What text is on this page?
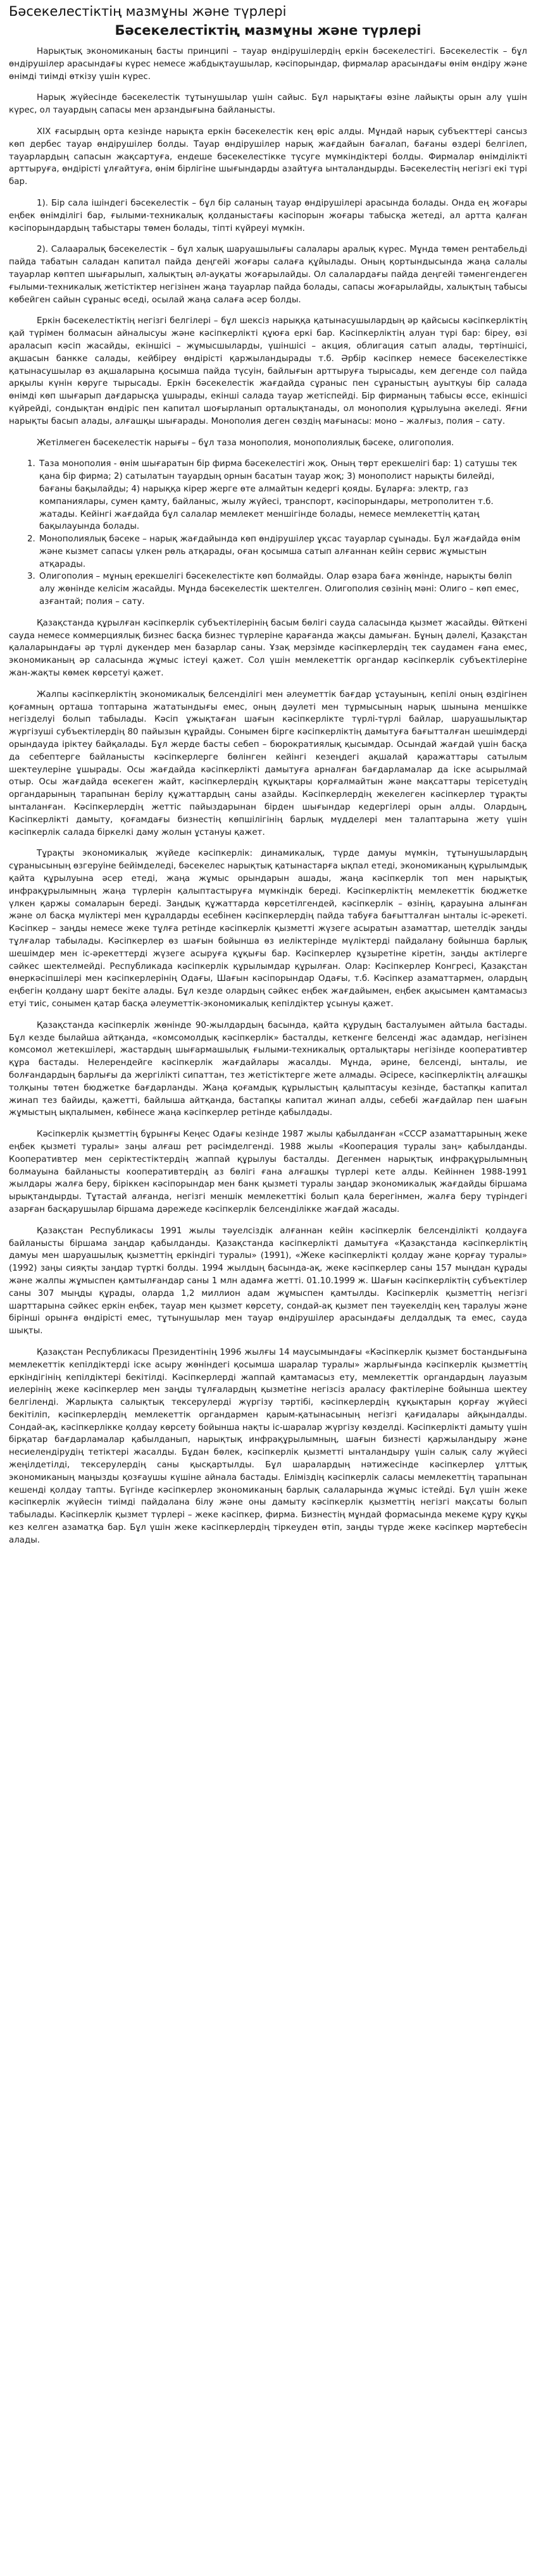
Бәсекелестіктің мазмұны және түрлері
Бәсекелестіктің мазмұны және түрлері

Нарықтық экономиканың басты принципі – тауар өндірушілердің еркін бәсекелестігі. Бәсекелестік – бұл өндірушілер арасындағы күрес немесе жабдықтаушылар, кәсіпорындар, фирмалар арасындағы өнім өндіру және өнімді тиімді өткізу үшін күрес.

Нарық жүйесінде бәсекелестік тұтынушылар үшін сайыс. Бұл нарықтағы өзіне лайықты орын алу үшін күрес, ол тауардың сапасы мен арзандығына байланысты.

XIX ғасырдың орта кезінде нарықта еркін бәсекелестік кең өріс алды. Мұндай нарық субъекттері сансыз көп дербес тауар өндірушілер болды. Тауар өндірушілер нарық жағдайын бағалап, бағаны өздері белгілеп, тауарлардың сапасын жақсартуға, ендеше бәсекелестікке түсуге мүмкіндіктері болды. Фирмалар өнімділікті арттыруға, өндірісті ұлғайтуға, өнім бірлігіне шығындарды азайтуға ынталандырды. Бәсекелестің негізгі екі түрі бар.

1). Бір сала ішіндегі бәсекелестік – бұл бір саланың тауар өндірушілері арасында болады. Онда ең жоғары еңбек өнімділігі бар, ғылыми-техникалық қолданыстағы кәсіпорын жоғары табысқа жетеді, ал артта қалған кәсіпорындардың табыстары төмен болады, тіпті күйреуі мүмкін.

2). Салааралық бәсекелестік – бұл халық шаруашылығы салалары аралық күрес. Мұнда төмен рентабельді пайда табатын саладан капитал пайда деңгейі жоғары салаға құйылады. Оның қортындысында жаңа салалы тауарлар көптеп шығарылып, халықтың әл-ауқаты жоғарылайды. Ол салалардағы пайда деңгейі тәменгендеген ғылыми-техникалық жетістіктер негізінен жаңа тауарлар пайда болады, сапасы жоғарылайды, халықтың табысы көбейген сайын сұраныс өседі, осылай жаңа салаға әсер болды.

Еркін бәсекелестіктің негізгі белгілері – бұл шексіз нарыққа қатынасушылардың әр қайсысы кәсіпкерліктің қай түрімен болмасын айналысуы және кәсіпкерлікті құюға еркі бар. Кәсіпкерліктің алуан түрі бар: біреу, өзі араласып кәсіп жасайды, екіншісі – жұмысшыларды, үшіншісі – акция, облигация сатып алады, төртіншісі, ақшасын банкке салады, кейбіреу өндірісті қаржыландырады т.б. Әрбір кәсіпкер немесе бәсекелестікке қатынасушылар өз ақшаларына қосымша пайда түсуін, байлығын арттыруға тырысады, кем дегенде сол пайда арқылы күнін көруге тырысады. Еркін бәсекелестік жағдайда сұраныс пен сұраныстың ауытқуы бір салада өнімді көп шығарып дағдарысқа ұшырады, екінші салада тауар жетіспейді. Бір фирманың табысы өссе, екіншісі күйрейді, сондықтан өндіріс пен капитал шоғырланып орталықтанады, ол монополия құрылуына әкеледі. Яғни нарықты басып алады, алғашқы шығарады. Монополия деген сөздің мағынасы: моно – жалғыз, полия – сату.

Жетілмеген бәсекелестік нарығы – бұл таза монополия, монополиялық бәсеке, олигополия.

1. Таза монополия - өнім шығаратын бір фирма бәсекелестігі жоқ. Оның төрт ерекшелігі бар: 1) сатушы тек қана бір фирма; 2) сатылатын тауардың орнын басатын тауар жоқ; 3) монополист нарықты билейді, бағаны бақылайды; 4) нарыққа кірер жерге өте алмайтын кедергі қояды. Бұларға: электр, газ компаниялары, сумен қамту, байланыс, жылу жүйесі, транспорт, кәсіпорындары, метрополитен т.б. жатады. Кейінгі жағдайда бұл салалар мемлекет меншігінде болады, немесе мемлекеттің қатаң бақылауында болады.
2. Монополиялық бәсеке – нарық жағдайында көп өндірушілер ұқсас тауарлар сұынады. Бұл жағдайда өнім және кызмет сапасы үлкен рөль атқарады, оған қосымша сатып алғаннан кейін сервис жұмыстын атқарады.
3. Олигополия – мұның ерекшелігі бәсекелестікте көп болмайды. Олар өзара баға жөнінде, нарықты бөліп алу жөнінде келісім жасайды. Мұнда бәсекелестік шектелген. Олигополия сөзінің мәні: Олиго – көп емес, азғантай; полия – сату.

Қазақстанда құрылған кәсіпкерлік субъектілерінің басым бөлігі сауда саласында қызмет жасайды. Өйткені сауда немесе коммерциялық бизнес басқа бизнес түрлеріне қарағанда жақсы дамыған. Бұның дәлелі, Қазақстан қалаларындағы әр түрлі дүкендер мен базарлар саны. Ұзақ мерзімде кәсіпкерлердің тек саудамен ғана емес, экономиканың әр саласында жұмыс істеуі қажет. Сол үшін мемлекеттік органдар кәсіпкерлік субъектілеріне жан-жақты көмек көрсетуі қажет.

Жалпы кәсіпкерліктің экономикалық белсенділігі мен әлеуметтік бағдар ұстауының, кепілі оның өздігінен қоғамның орташа топтарына жататындығы емес, оның дәулеті мен тұрмысының нарық шынына меншікке негізделуі болып табылады. Кәсіп ұжықтаған шағын кәсіпкерлікте түрлі-түрлі байлар, шаруашылықтар жүргізуші субъектілердің 80 пайызын құрайды. Сонымен бірге кәсіпкерліктің дамытуға бағытталған шешімдерді орындауда іріктеу байқалады. Бұл жерде басты себеп – бюрократиялық қысымдар. Осындай жағдай үшін басқа да себептерге байланысты кәсіпкерлерге бөлінген кейінгі кезеңдегі ақшалай қаражаттары сатылым шектеулеріне ұшырады. Осы жағдайда кәсіпкерлікті дамытуға арналған бағдарламалар да іске асырылмай отыр. Осы жағдайда өсекеген жайт, кәсіпкерлердің құқықтары қорғалмайтын және мақсаттары терісетудің органдарының тарапынан берілу құжаттардың саны азайды. Кәсіпкерлердің жекелеген кәсіпкерлер тұрақты ынталанған. Кәсіпкерлердің жеттіс пайыздарынан бірден шығындар кедергілері орын алды. Олардың, Кәсіпкерлікті дамыту, қоғамдағы бизнестің көпшілігінің барлық мүдделері мен талаптарына жету үшін кәсіпкерлік салада біркелкі даму жолын ұстануы қажет.

Тұрақты экономикалық жүйеде кәсіпкерлік: динамикалық, түрде дамуы мүмкін, тұтынушылардың сұранысының өзгеруіне бейімделеді, бәсекелес нарықтық қатынастарға ықпал етеді, экономиканың құрылымдық қайта құрылуына әсер етеді, жаңа жұмыс орындарын ашады, жаңа кәсіпкерлік топ мен нарықтық инфрақұрылымның жаңа түрлерін қалыптастыруға мүмкіндік береді. Кәсіпкерліктің мемлекеттік бюджетке үлкен қаржы сомаларын береді. Заңдық құжаттарда көрсетілгендей, кәсіпкерлік – өзінің, қарауына алынған және ол басқа мүліктері мен құралдарды есебінен кәсіпкерлердің пайда табуға бағытталған ынталы іс-әрекеті. Кәсіпкер – заңды немесе жеке тұлға ретінде кәсіпкерлік қызметті жүзеге асыратын азаматтар, шетелдік заңды тұлғалар табылады. Кәсіпкерлер өз шағын бойынша өз иеліктерінде мүліктерді пайдалану бойынша барлық шешімдер мен іс-әрекеттерді жүзеге асыруға құқығы бар. Кәсіпкерлер құзыретіне кіретін, заңды актілерге сәйкес шектелмейді. Республикада кәсіпкерлік құрылымдар құрылған. Олар: Кәсіпкерлер Конгресі, Қазақстан өнеркәсіпшілері мен кәсіпкерлерінің Одағы, Шағын кәсіпорындар Одағы, т.б. Кәсіпкер азаматтармен, олардың еңбегін қолдану шарт бекіте алады. Бұл кезде олардың сәйкес еңбек жағдайымен, еңбек ақысымен қамтамасыз етуі тиіс, сонымен қатар басқа әлеуметтік-экономикалық кепілдіктер ұсынуы қажет.

Қазақстанда кәсіпкерлік жөнінде 90-жылдардың басында, қайта құрудың басталуымен айтыла бастады. Бұл кезде былайша айтқанда, «комсомолдық кәсіпкерлік» басталды, кеткенге белсенді жас адамдар, негізінен комсомол жетекшілері, жастардың шығармашылық ғылыми-техникалық орталықтары негізінде кооперативтер құра бастады. Нелерендейге кәсіпкерлік жағдайлары жасалды. Мұнда, әрине, белсенді, ынталы, ие болғандардың барлығы да жергілікті сипаттан, тез жетістіктерге жете алмады. Әсіресе, кәсіпкерліктің алғашқы толқыны төтен бюджетке бағдарланды. Жаңа қоғамдық құрылыстың қалыптасуы кезінде, бастапқы капитал жинап тез байиды, қажетті, байлыша айтқанда, бастапқы капитал жинап алды, себебі жағдайлар пен шағын жұмыстың ықпалымен, көбінесе жаңа кәсіпкерлер ретінде қабылдады.

Кәсіпкерлік қызметтің бұрынғы Кеңес Одағы кезінде 1987 жылы қабылданған «СССР азаматтарының жеке еңбек қызметі туралы» заңы алғаш рет рәсімделгенді. 1988 жылы «Кооперация туралы заң» қабылданды. Кооперативтер мен серіктестіктердің жаппай құрылуы басталды. Дегенмен нарықтық инфрақұрылымның болмауына байланысты кооперативтердің аз бөлігі ғана алғашқы түрлері кете алды. Кейіннен 1988-1991 жылдары жалға беру, біріккен кәсіпорындар мен банк қызметі туралы заңдар экономикалық жағдайды біршама ырықтандырды. Тұтастай алғанда, негізгі меншік мемлекеттікі болып қала берегінмен, жалға беру түріндегі азарған басқарушылар біршама дәрежеде кәсіпкерлік белсенділікке жағдай жасады.

Қазақстан Республикасы 1991 жылы тәуелсіздік алғаннан кейін кәсіпкерлік белсенділікті қолдауға байланысты біршама заңдар қабылданды. Қазақстанда кәсіпкерлікті дамытуға «Қазақстанда кәсіпкерліктің дамуы мен шаруашылық қызметтің еркіндігі туралы» (1991), «Жеке кәсіпкерлікті қолдау және қорғау туралы» (1992) заңы сияқты заңдар түрткі болды. 1994 жылдың басында-ақ, жеке кәсіпкерлер саны 157 мыңдан құрады және жалпы жұмыспен қамтылғандар саны 1 млн адамға жетті. 01.10.1999 ж. Шағын кәсіпкерліктің субъектілер саны 307 мыңды құрады, оларда 1,2 миллион адам жұмыспен қамтылды. Кәсіпкерлік қызметтің негізгі шарттарына сәйкес еркін еңбек, тауар мен қызмет көрсету, сондай-ақ қызмет пен тәуекелдің кең таралуы және бірінші орынға өндірісті емес, тұтынушылар мен тауар өндірушілер арасындағы делдалдық та емес, сауда шықты.

Қазақстан Республикасы Президентінің 1996 жылғы 14 маусымындағы «Кәсіпкерлік қызмет бостандығына мемлекеттік кепілдіктерді іске асыру жөніндегі қосымша шаралар туралы» жарлығында кәсіпкерлік қызметтің еркіндігінің кепілдіктері бекітілді. Кәсіпкерлерді жаппай қамтамасыз ету, мемлекеттік органдардың лауазым иелерінің жеке кәсіпкерлер мен заңды тұлғалардың қызметіне негізсіз араласу фактілеріне бойынша шектеу белгіленді. Жарлықта салықтық тексерулерді жүргізу тәртібі, кәсіпкерлердің құқықтарын қорғау жүйесі бекітіліп, кәсіпкерлердің мемлекеттік органдармен қарым-қатынасының негізгі қағидалары айқындалды. Сондай-ақ, кәсіпкерлікке қолдау көрсету бойынша нақты іс-шаралар жүргізу көзделді. Кәсіпкерлікті дамыту үшін бірқатар бағдарламалар қабылданып, нарықтық инфрақұрылымның, шағын бизнесті қаржыландыру және несиелендірудің тетіктері жасалды. Бұдан бөлек, кәсіпкерлік қызметті ынталандыру үшін салық салу жүйесі жеңілдетілді, тексерулердің саны қысқартылды. Бұл шаралардың нәтижесінде кәсіпкерлер ұлттық экономиканың маңызды қозғаушы күшіне айнала бастады. Еліміздің кәсіпкерлік саласы мемлекеттің тарапынан кешенді қолдау тапты. Бүгінде кәсіпкерлер экономиканың барлық салаларында жұмыс істейді. Бұл үшін жеке кәсіпкерлік жүйесін тиімді пайдалана білу және оны дамыту кәсіпкерлік қызметтің негізгі мақсаты болып табылады. Кәсіпкерлік қызмет түрлері – жеке кәсіпкер, фирма. Бизнестің мұндай формасында мекеме құру құқы кез келген азаматқа бар. Бұл үшін жеке кәсіпкерлердің тіркеуден өтіп, заңды түрде жеке кәсіпкер мәртебесін алады.
